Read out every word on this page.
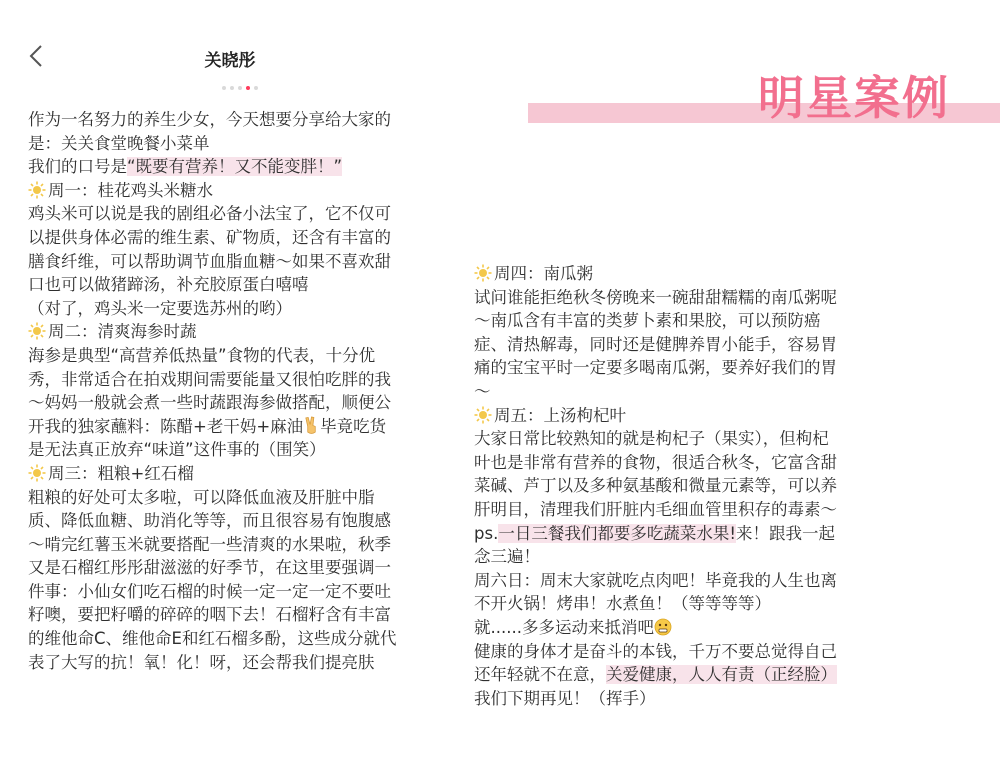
关晓彤
作为一名努力的养生少女，今天想要分享给大家的
是：关关食堂晚餐小菜单
我们的口号是“既要有营养！又不能变胖！”
周一：桂花鸡头米糖水
鸡头米可以说是我的剧组必备小法宝了，它不仅可
以提供身体必需的维生素、矿物质，还含有丰富的
膳食纤维，可以帮助调节血脂血糖～如果不喜欢甜
口也可以做猪蹄汤，补充胶原蛋白嘻嘻
（对了，鸡头米一定要选苏州的哟）
周二：清爽海参时蔬
海参是典型“高营养低热量”食物的代表，十分优
秀，非常适合在拍戏期间需要能量又很怕吃胖的我
～妈妈一般就会煮一些时蔬跟海参做搭配，顺便公
开我的独家蘸料：陈醋+老干妈+麻油 毕竟吃货
是无法真正放弃“味道”这件事的（围笑）
周三：粗粮+红石榴
粗粮的好处可太多啦，可以降低血液及肝脏中脂
质、降低血糖、助消化等等，而且很容易有饱腹感
～啃完红薯玉米就要搭配一些清爽的水果啦，秋季
又是石榴红彤彤甜滋滋的好季节，在这里要强调一
件事：小仙女们吃石榴的时候一定一定一定不要吐
籽噢，要把籽嚼的碎碎的咽下去！石榴籽含有丰富
的维他命C、维他命E和红石榴多酚，这些成分就代
表了大写的抗！氧！化！呀，还会帮我们提亮肤
明星案例
周四：南瓜粥
试问谁能拒绝秋冬傍晚来一碗甜甜糯糯的南瓜粥呢
～南瓜含有丰富的类萝卜素和果胶，可以预防癌
症、清热解毒，同时还是健脾养胃小能手，容易胃
痛的宝宝平时一定要多喝南瓜粥，要养好我们的胃
～
周五：上汤枸杞叶
大家日常比较熟知的就是枸杞子（果实），但枸杞
叶也是非常有营养的食物，很适合秋冬，它富含甜
菜碱、芦丁以及多种氨基酸和微量元素等，可以养
肝明目，清理我们肝脏内毛细血管里积存的毒素～
ps.一日三餐我们都要多吃蔬菜水果!来！跟我一起
念三遍！
周六日：周末大家就吃点肉吧！毕竟我的人生也离
不开火锅！烤串！水煮鱼！（等等等等）
就......多多运动来抵消吧
健康的身体才是奋斗的本钱，千万不要总觉得自己
还年轻就不在意，关爱健康，人人有责（正经脸）
我们下期再见！（挥手）
